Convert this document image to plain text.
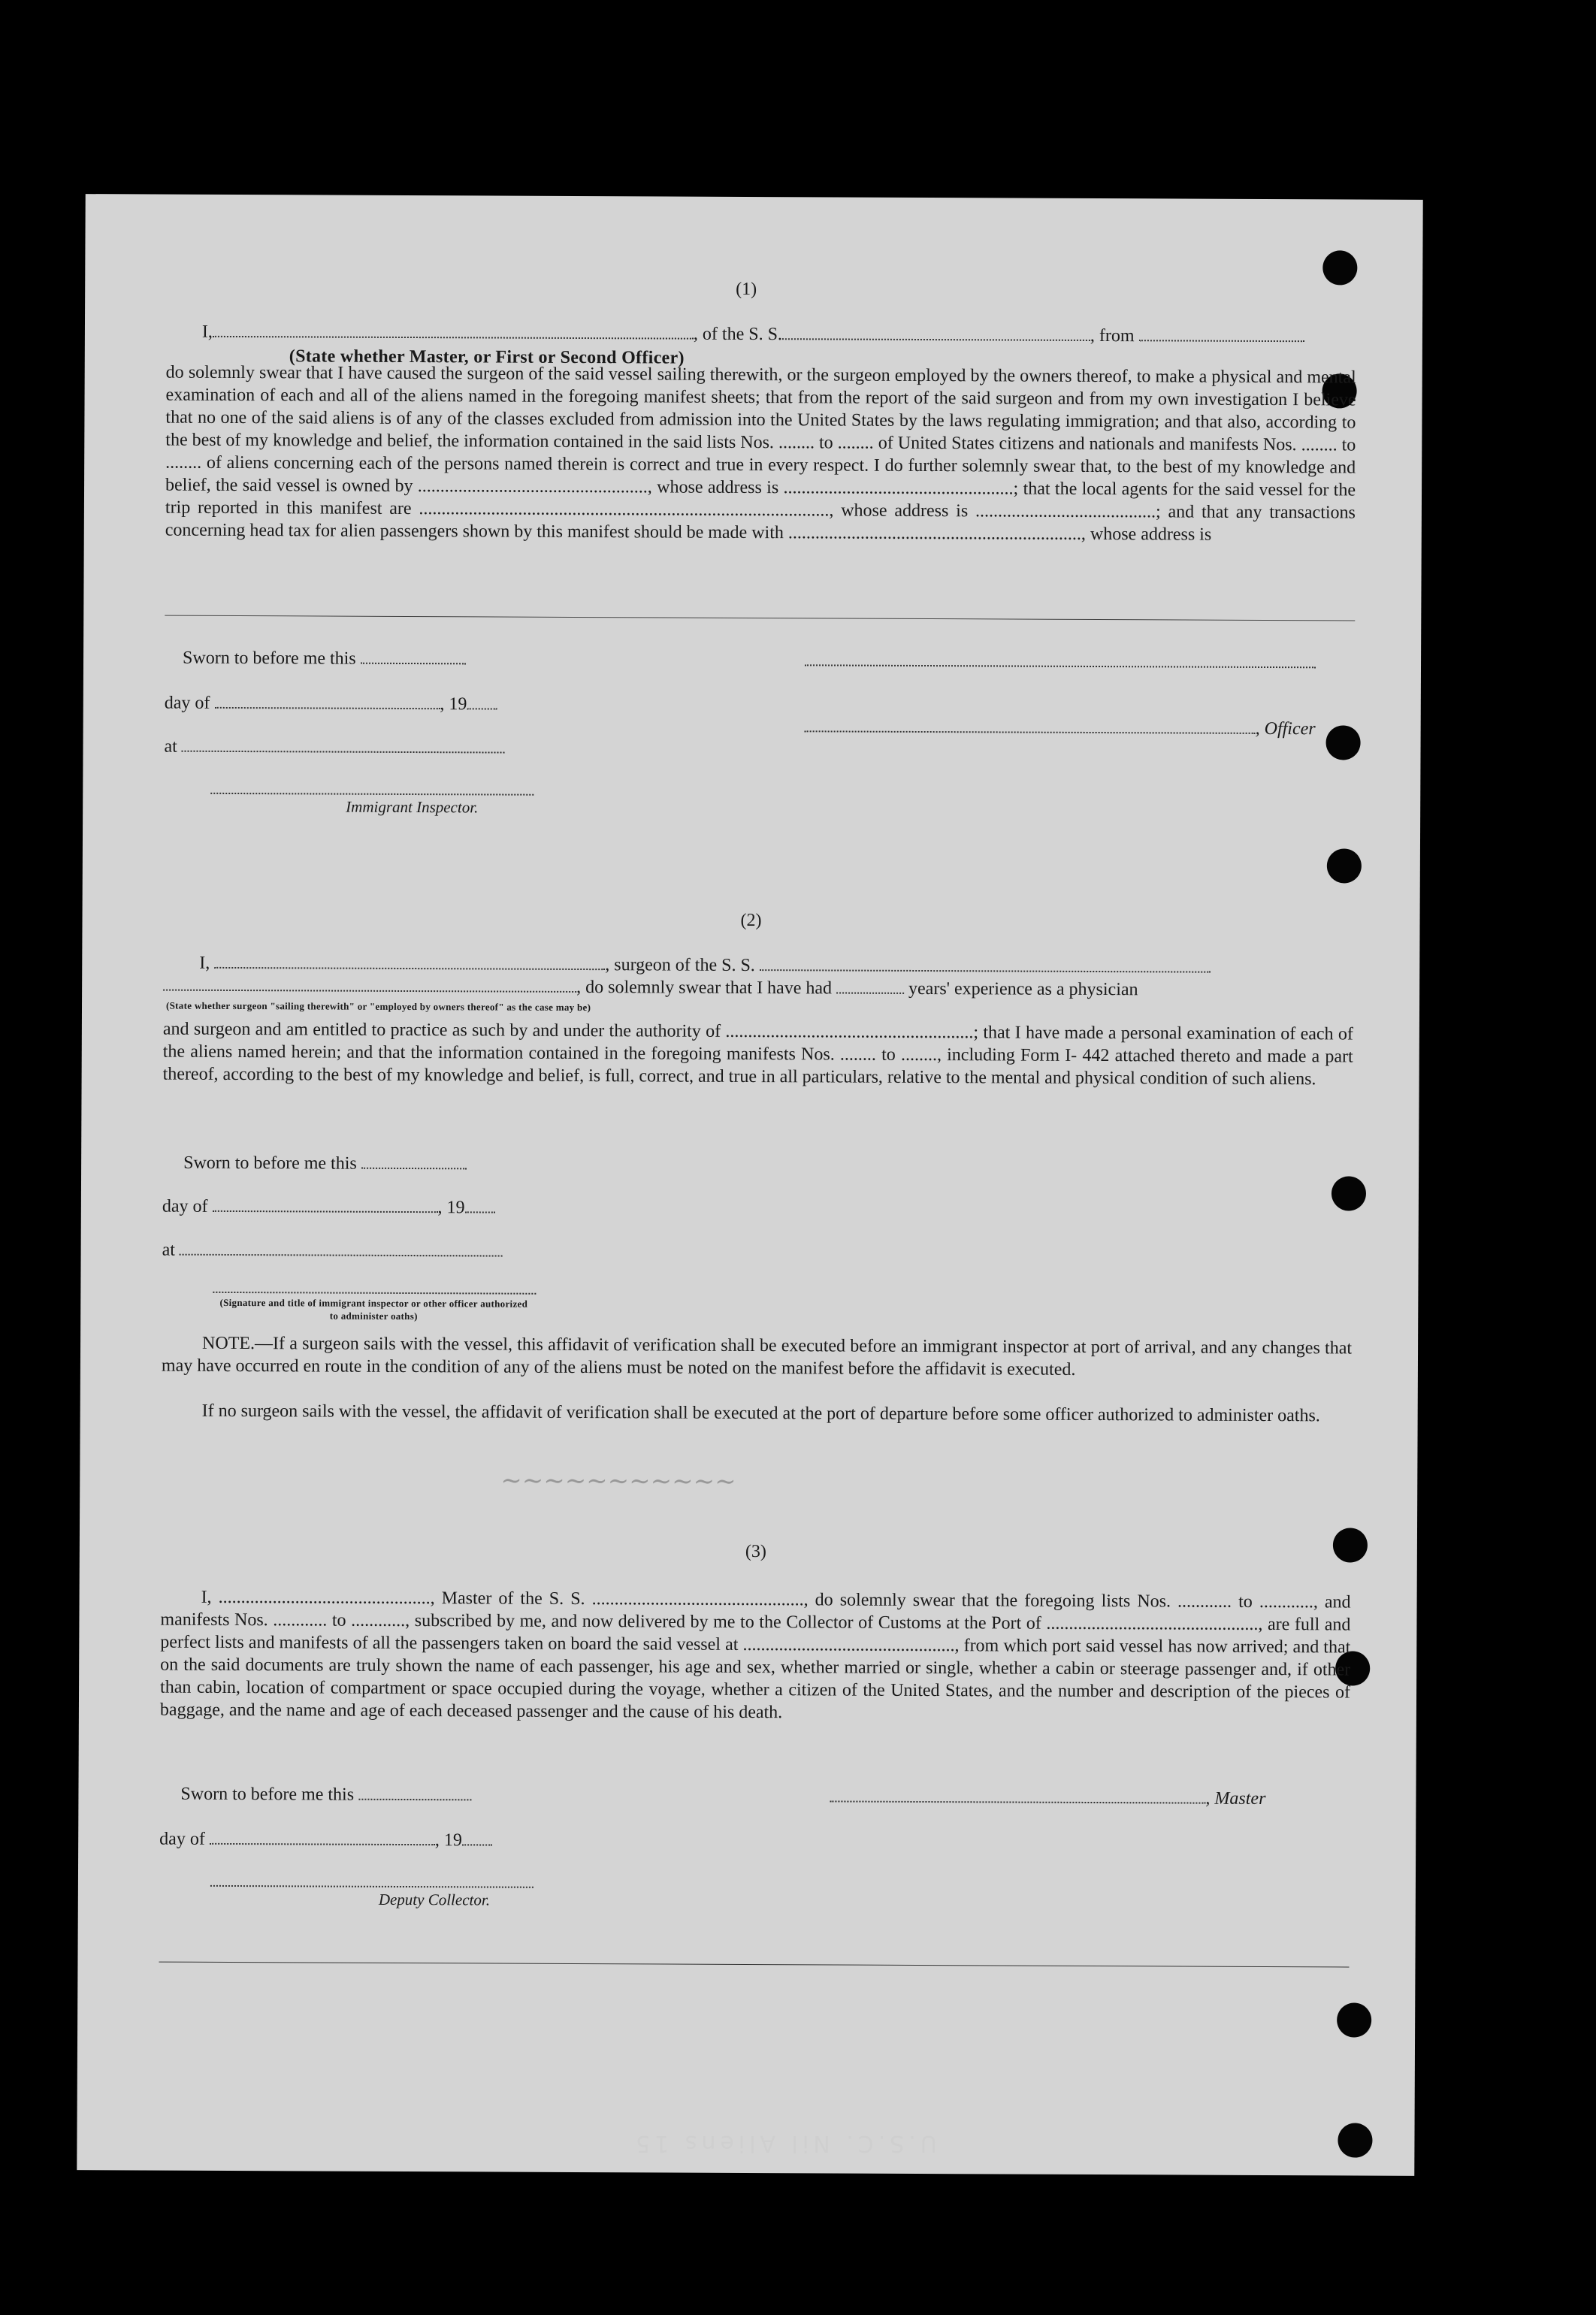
(1)
I,	, of the S. S.	, from
(State whether Master, or First or Second Officer)
do solemnly swear that I have caused the surgeon of the said vessel sailing therewith, or the surgeon employed by the owners thereof, to make a physical and mental examination of each and all of the aliens named in the foregoing manifest sheets; that from the report of the said surgeon and from my own investigation I believe that no one of the said aliens is of any of the classes excluded from admission into the United States by the laws regulating immigration; and that also, according to the best of my knowledge and belief, the information contained in the said lists Nos. ........ to ........ of United States citizens and nationals and manifests Nos. ........ to ........ of aliens concerning each of the persons named therein is correct and true in every respect. I do further solemnly swear that, to the best of my knowledge and belief, the said vessel is owned by ..................................................., whose address is ...................................................; that the local agents for the said vessel for the trip reported in this manifest are ..........................................................................................., whose address is ........................................; and that any transactions concerning head tax for alien passengers shown by this manifest should be made with ................................................................., whose address is
Sworn to before me this
day of	, 19
at
Immigrant Inspector.
, Officer
(2)
I,	, surgeon of the S. S.
, do solemnly swear that I have had	years' experience as a physician
(State whether surgeon "sailing therewith" or "employed by owners thereof" as the case may be)
and surgeon and am entitled to practice as such by and under the authority of .......................................................; that I have made a personal examination of each of the aliens named herein; and that the information contained in the foregoing manifests Nos. ........ to ........, including Form I- 442 attached thereto and made a part thereof, according to the best of my knowledge and belief, is full, correct, and true in all particulars, relative to the mental and physical condition of such aliens.
Sworn to before me this
day of	, 19
at
(Signature and title of immigrant inspector or other officer authorized to administer oaths)
NOTE.—If a surgeon sails with the vessel, this affidavit of verification shall be executed before an immigrant inspector at port of arrival, and any changes that may have occurred en route in the condition of any of the aliens must be noted on the manifest before the affidavit is executed.
If no surgeon sails with the vessel, the affidavit of verification shall be executed at the port of departure before some officer authorized to administer oaths.
~~~~~~~~~~~
(3)
I, ..............................................., Master of the S. S. ..............................................., do solemnly swear that the foregoing lists Nos. ............ to ............, and manifests Nos. ............ to ............, subscribed by me, and now delivered by me to the Collector of Customs at the Port of ..............................................., are full and perfect lists and manifests of all the passengers taken on board the said vessel at ..............................................., from which port said vessel has now arrived; and that on the said documents are truly shown the name of each passenger, his age and sex, whether married or single, whether a cabin or steerage passenger and, if other than cabin, location of compartment or space occupied during the voyage, whether a citizen of the United States, and the number and description of the pieces of baggage, and the name and age of each deceased passenger and the cause of his death.
Sworn to before me this	, Master
day of	, 19
Deputy Collector.
U.S.C. Nil Aliens 15
